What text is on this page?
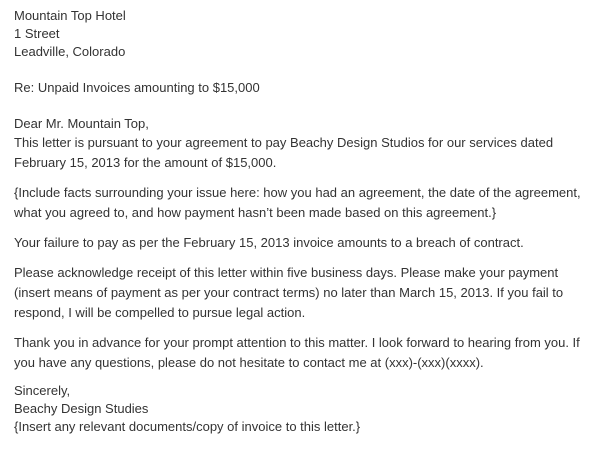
Mountain Top Hotel
1 Street
Leadville, Colorado
Re: Unpaid Invoices amounting to $15,000
Dear Mr. Mountain Top,
This letter is pursuant to your agreement to pay Beachy Design Studios for our services dated
February 15, 2013 for the amount of $15,000.
{Include facts surrounding your issue here: how you had an agreement, the date of the agreement,
what you agreed to, and how payment hasn’t been made based on this agreement.}
Your failure to pay as per the February 15, 2013 invoice amounts to a breach of contract.
Please acknowledge receipt of this letter within five business days. Please make your payment
(insert means of payment as per your contract terms) no later than March 15, 2013. If you fail to
respond, I will be compelled to pursue legal action.
Thank you in advance for your prompt attention to this matter. I look forward to hearing from you. If
you have any questions, please do not hesitate to contact me at (xxx)-(xxx)(xxxx).
Sincerely,
Beachy Design Studies
{Insert any relevant documents/copy of invoice to this letter.}
